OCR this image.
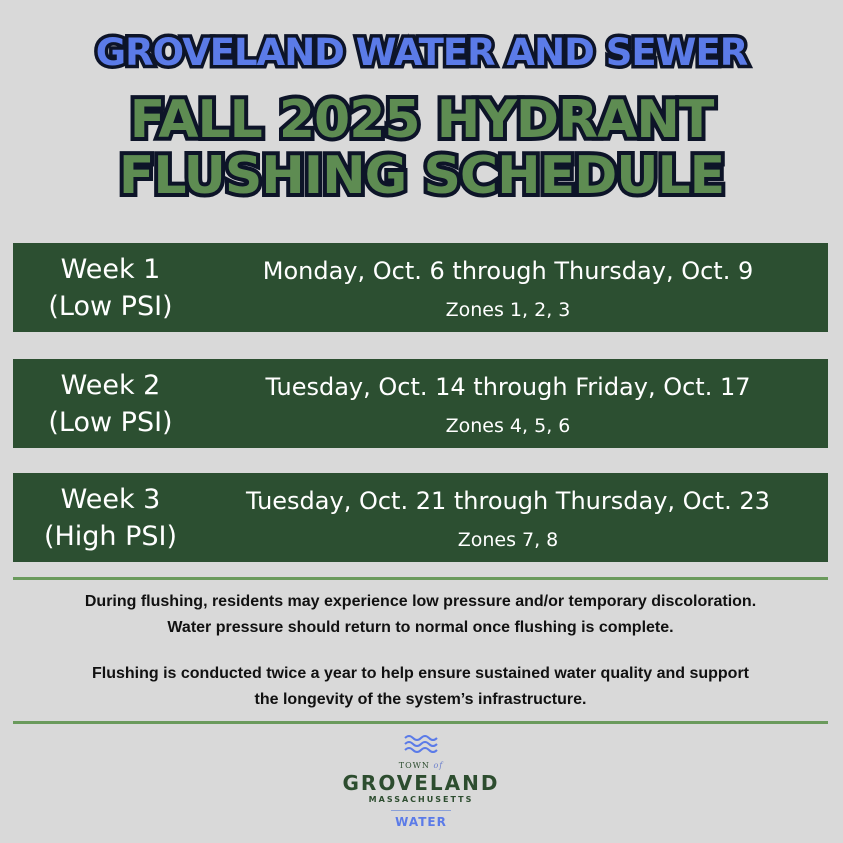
GROVELAND WATER AND SEWER
FALL 2025 HYDRANT
FLUSHING SCHEDULE
Week 1
(Low PSI)
Monday, Oct. 6 through Thursday, Oct. 9
Zones 1, 2, 3
Week 2
(Low PSI)
Tuesday, Oct. 14 through Friday, Oct. 17
Zones 4, 5, 6
Week 3
(High PSI)
Tuesday, Oct. 21 through Thursday, Oct. 23
Zones 7, 8
During flushing, residents may experience low pressure and/or temporary discoloration.
Water pressure should return to normal once flushing is complete.
Flushing is conducted twice a year to help ensure sustained water quality and support
the longevity of the system’s infrastructure.
TOWN of
GROVELAND
MASSACHUSETTS
WATER
